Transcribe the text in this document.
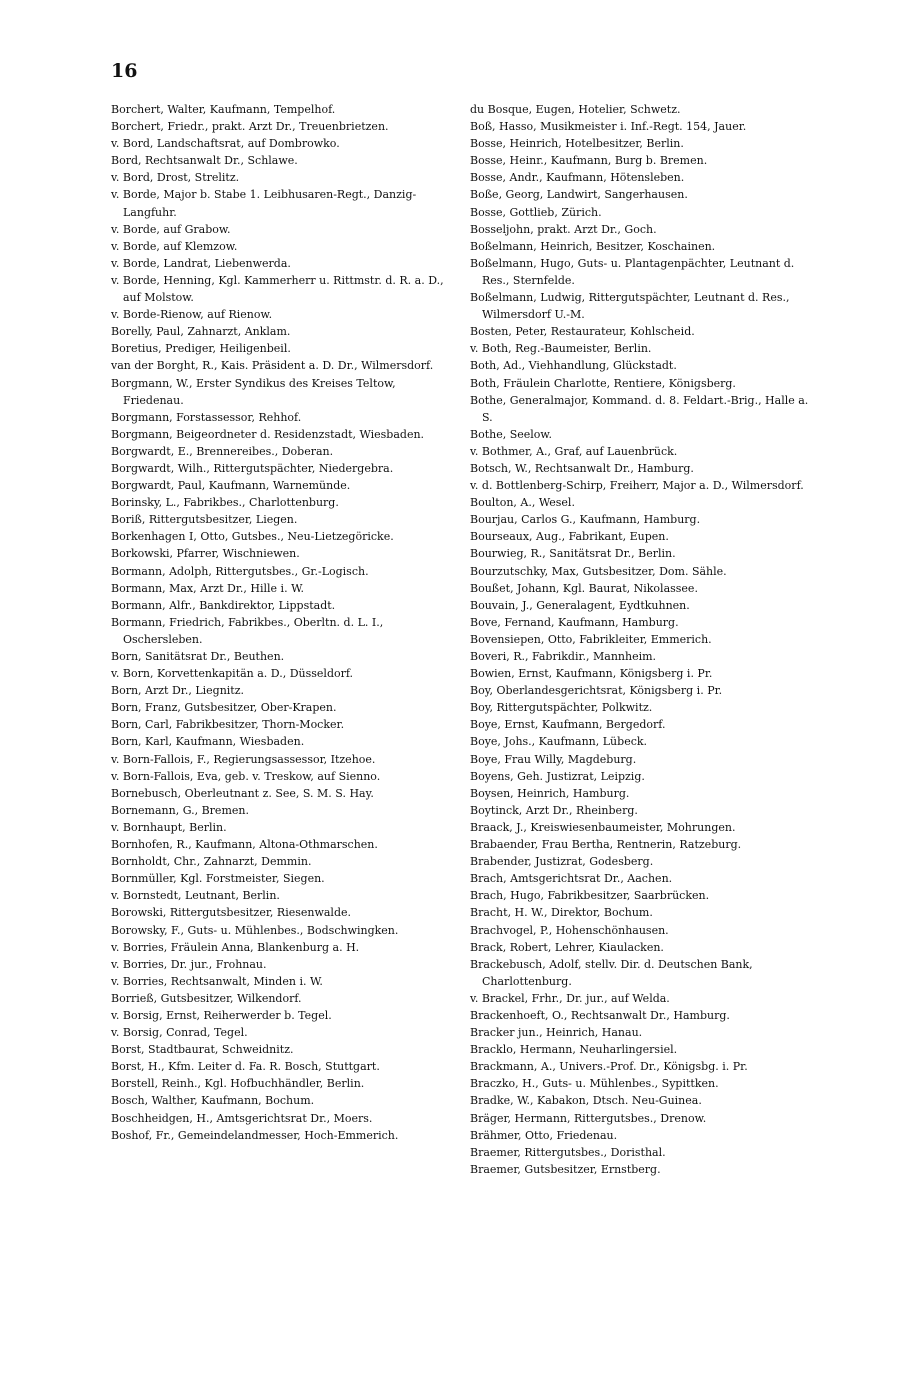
16
Borchert, Walter, Kaufmann, Tempelhof.
Borchert, Friedr., prakt. Arzt Dr., Treuenbrietzen.
v. Bord, Landschaftsrat, auf Dombrowko.
Bord, Rechtsanwalt Dr., Schlawe.
v. Bord, Drost, Strelitz.
v. Borde, Major b. Stabe 1. Leibhusaren-Regt., Danzig-Langfuhr.
v. Borde, auf Grabow.
v. Borde, auf Klemzow.
v. Borde, Landrat, Liebenwerda.
v. Borde, Henning, Kgl. Kammerherr u. Rittmstr. d. R. a. D., auf Molstow.
v. Borde-Rienow, auf Rienow.
Borelly, Paul, Zahnarzt, Anklam.
Boretius, Prediger, Heiligenbeil.
van der Borght, R., Kais. Präsident a. D. Dr., Wilmersdorf.
Borgmann, W., Erster Syndikus des Kreises Teltow, Friedenau.
Borgmann, Forstassessor, Rehhof.
Borgmann, Beigeordneter d. Residenzstadt, Wiesbaden.
Borgwardt, E., Brennereibes., Doberan.
Borgwardt, Wilh., Rittergutspächter, Niedergebra.
Borgwardt, Paul, Kaufmann, Warnemünde.
Borinsky, L., Fabrikbes., Charlottenburg.
Boriß, Rittergutsbesitzer, Liegen.
Borkenhagen I, Otto, Gutsbes., Neu-Lietzegöricke.
Borkowski, Pfarrer, Wischniewen.
Bormann, Adolph, Rittergutsbes., Gr.-Logisch.
Bormann, Max, Arzt Dr., Hille i. W.
Bormann, Alfr., Bankdirektor, Lippstadt.
Bormann, Friedrich, Fabrikbes., Oberltn. d. L. I., Oschersleben.
Born, Sanitätsrat Dr., Beuthen.
v. Born, Korvettenkapitän a. D., Düsseldorf.
Born, Arzt Dr., Liegnitz.
Born, Franz, Gutsbesitzer, Ober-Krapen.
Born, Carl, Fabrikbesitzer, Thorn-Mocker.
Born, Karl, Kaufmann, Wiesbaden.
v. Born-Fallois, F., Regierungsassessor, Itzehoe.
v. Born-Fallois, Eva, geb. v. Treskow, auf Sienno.
Bornebusch, Oberleutnant z. See, S. M. S. Hay.
Bornemann, G., Bremen.
v. Bornhaupt, Berlin.
Bornhofen, R., Kaufmann, Altona-Othmarschen.
Bornholdt, Chr., Zahnarzt, Demmin.
Bornmüller, Kgl. Forstmeister, Siegen.
v. Bornstedt, Leutnant, Berlin.
Borowski, Rittergutsbesitzer, Riesenwalde.
Borowsky, F., Guts- u. Mühlenbes., Bodschwingken.
v. Borries, Fräulein Anna, Blankenburg a. H.
v. Borries, Dr. jur., Frohnau.
v. Borries, Rechtsanwalt, Minden i. W.
Borrieß, Gutsbesitzer, Wilkendorf.
v. Borsig, Ernst, Reiherwerder b. Tegel.
v. Borsig, Conrad, Tegel.
Borst, Stadtbaurat, Schweidnitz.
Borst, H., Kfm. Leiter d. Fa. R. Bosch, Stuttgart.
Borstell, Reinh., Kgl. Hofbuchhändler, Berlin.
Bosch, Walther, Kaufmann, Bochum.
Boschheidgen, H., Amtsgerichtsrat Dr., Moers.
Boshof, Fr., Gemeindelandmesser, Hoch-Emmerich.
du Bosque, Eugen, Hotelier, Schwetz.
Boß, Hasso, Musikmeister i. Inf.-Regt. 154, Jauer.
Bosse, Heinrich, Hotelbesitzer, Berlin.
Bosse, Heinr., Kaufmann, Burg b. Bremen.
Bosse, Andr., Kaufmann, Hötensleben.
Boße, Georg, Landwirt, Sangerhausen.
Bosse, Gottlieb, Zürich.
Bosseljohn, prakt. Arzt Dr., Goch.
Boßelmann, Heinrich, Besitzer, Koschainen.
Boßelmann, Hugo, Guts- u. Plantagenpächter, Leutnant d. Res., Sternfelde.
Boßelmann, Ludwig, Rittergutspächter, Leutnant d. Res., Wilmersdorf U.-M.
Bosten, Peter, Restaurateur, Kohlscheid.
v. Both, Reg.-Baumeister, Berlin.
Both, Ad., Viehhandlung, Glückstadt.
Both, Fräulein Charlotte, Rentiere, Königsberg.
Bothe, Generalmajor, Kommand. d. 8. Feldart.-Brig., Halle a. S.
Bothe, Seelow.
v. Bothmer, A., Graf, auf Lauenbrück.
Botsch, W., Rechtsanwalt Dr., Hamburg.
v. d. Bottlenberg-Schirp, Freiherr, Major a. D., Wilmersdorf.
Boulton, A., Wesel.
Bourjau, Carlos G., Kaufmann, Hamburg.
Bourseaux, Aug., Fabrikant, Eupen.
Bourwieg, R., Sanitätsrat Dr., Berlin.
Bourzutschky, Max, Gutsbesitzer, Dom. Sähle.
Boußet, Johann, Kgl. Baurat, Nikolassee.
Bouvain, J., Generalagent, Eydtkuhnen.
Bove, Fernand, Kaufmann, Hamburg.
Bovensiepen, Otto, Fabrikleiter, Emmerich.
Boveri, R., Fabrikdir., Mannheim.
Bowien, Ernst, Kaufmann, Königsberg i. Pr.
Boy, Oberlandesgerichtsrat, Königsberg i. Pr.
Boy, Rittergutspächter, Polkwitz.
Boye, Ernst, Kaufmann, Bergedorf.
Boye, Johs., Kaufmann, Lübeck.
Boye, Frau Willy, Magdeburg.
Boyens, Geh. Justizrat, Leipzig.
Boysen, Heinrich, Hamburg.
Boytinck, Arzt Dr., Rheinberg.
Braack, J., Kreiswiesenbaumeister, Mohrungen.
Brabaender, Frau Bertha, Rentnerin, Ratzeburg.
Brabender, Justizrat, Godesberg.
Brach, Amtsgerichtsrat Dr., Aachen.
Brach, Hugo, Fabrikbesitzer, Saarbrücken.
Bracht, H. W., Direktor, Bochum.
Brachvogel, P., Hohenschönhausen.
Brack, Robert, Lehrer, Kiaulacken.
Brackebusch, Adolf, stellv. Dir. d. Deutschen Bank, Charlottenburg.
v. Brackel, Frhr., Dr. jur., auf Welda.
Brackenhoeft, O., Rechtsanwalt Dr., Hamburg.
Bracker jun., Heinrich, Hanau.
Bracklo, Hermann, Neuharlingersiel.
Brackmann, A., Univers.-Prof. Dr., Königsbg. i. Pr.
Braczko, H., Guts- u. Mühlenbes., Sypittken.
Bradke, W., Kabakon, Dtsch. Neu-Guinea.
Bräger, Hermann, Rittergutsbes., Drenow.
Brähmer, Otto, Friedenau.
Braemer, Rittergutsbes., Doristhal.
Braemer, Gutsbesitzer, Ernstberg.
